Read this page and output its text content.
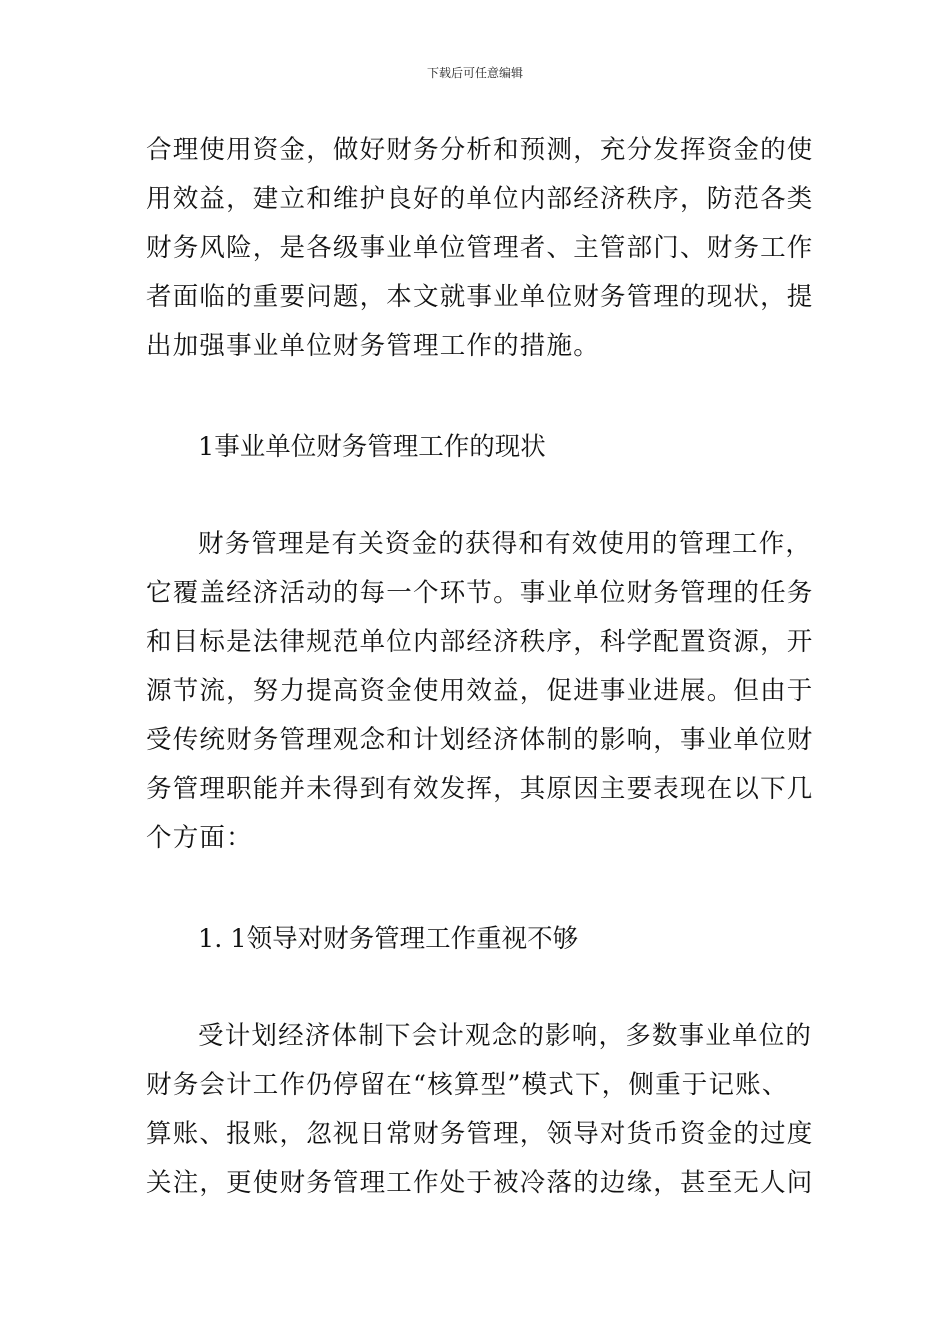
下载后可任意编辑
合理使用资金，做好财务分析和预测，充分发挥资金的使
用效益，建立和维护良好的单位内部经济秩序，防范各类
财务风险，是各级事业单位管理者、主管部门、财务工作
者面临的重要问题，本文就事业单位财务管理的现状，提
出加强事业单位财务管理工作的措施。
1事业单位财务管理工作的现状
财务管理是有关资金的获得和有效使用的管理工作，
它覆盖经济活动的每一个环节。事业单位财务管理的任务
和目标是法律规范单位内部经济秩序，科学配置资源，开
源节流，努力提高资金使用效益，促进事业进展。但由于
受传统财务管理观念和计划经济体制的影响，事业单位财
务管理职能并未得到有效发挥，其原因主要表现在以下几
个方面：
1. 1领导对财务管理工作重视不够
受计划经济体制下会计观念的影响，多数事业单位的
财务会计工作仍停留在“核算型”模式下，侧重于记账、
算账、报账，忽视日常财务管理，领导对货币资金的过度
关注，更使财务管理工作处于被冷落的边缘，甚至无人问
